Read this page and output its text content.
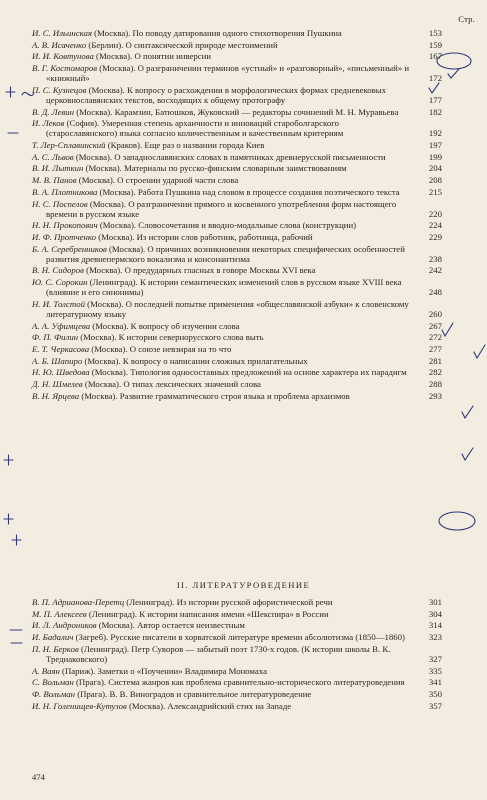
Стр.
И. С. Ильинская (Москва). По поводу датирования одного стихотворения Пушкина	153
А. В. Исаченко (Берлин). О синтаксической природе местоимений	159
И. И. Ковтунова (Москва). О понятии инверсии	167
В. Г. Костомаров (Москва). О разграничении терминов «устный» и «разговорный», «письменный» и «книжный»	172
П. С. Кузнецов (Москва). К вопросу о расхождении в морфологических формах средневековых церковнославянских текстов, восходящих к общему протографу	177
В. Д. Левин (Москва). Карамзин, Батюшков, Жуковский — редакторы сочинений М. Н. Муравьева	182
И. Леков (София). Умеренная степень архаичности и инноваций староболгарского (старославянского) языка согласно количественным и качественным критериям	192
Т. Лер-Сплавинский (Краков). Еще раз о названии города Киев	197
А. С. Львов (Москва). О западнославянских словах в памятниках древнерусской письменности	199
В. И. Лыткин (Москва). Материалы по русско-финским словарным заимствованиям	204
М. В. Панов (Москва). О строении ударной части слова	208
В. А. Плотникова (Москва). Работа Пушкина над словом в процессе создания поэтического текста	215
Н. С. Поспелов (Москва). О разграничении прямого и косвенного употребления форм настоящего времени в русском языке	220
Н. Н. Прокопович (Москва). Словосочетания и вводно-модальные слова (конструкции)	224
И. Ф. Протченко (Москва). Из истории слов работник, работница, рабочий	229
Б. А. Серебренников (Москва). О причинах возникновения некоторых специфических особенностей развития древнепермского вокализма и консонантизма	238
В. Н. Сидоров (Москва). О предударных гласных в говоре Москвы XVI века	242
Ю. С. Сорокин (Ленинград). К истории семантических изменений слов в русском языке XVIII века (влияние и его синонимы)	248
Н. И. Толстой (Москва). О последней попытке применения «общеславянской азбуки» к словенскому литературному языку	260
А. А. Уфимцева (Москва). К вопросу об изучении слова	267
Ф. П. Филин (Москва). К истории севернорусского слова выть	272
Е. Т. Черкасова (Москва). О союзе невзирая на то что	277
А. Б. Шапиро (Москва). К вопросу о написании сложных прилагательных	281
Н. Ю. Шведова (Москва). Типология односоставных предложений на основе характера их парадигм	282
Д. Н. Шмелев (Москва). О типах лексических значений слова	288
В. Н. Ярцева (Москва). Развитие грамматического строя языка и проблема архаизмов	293
II. ЛИТЕРАТУРОВЕДЕНИЕ
В. П. Адрианова-Перетц (Ленинград). Из истории русской афористической речи	301
М. П. Алексеев (Ленинград). К истории написания имени «Шекспира» в России	304
И. Л. Андроников (Москва). Автор остается неизвестным	314
И. Бадалич (Загреб). Русские писатели в хорватской литературе времени абсолютизма (1850—1860)	323
П. Н. Берков (Ленинград). Петр Суворов — забытый поэт 1730-х годов. (К истории школы В. К. Тредиаковского)	327
А. Ваян (Париж). Заметки о «Поучении» Владимира Мономаха	335
С. Вольман (Прага). Система жанров как проблема сравнительно-исторического литературоведения	341
Ф. Вольман (Прага). В. В. Виноградов и сравнительное литературоведение	350
И. Н. Голенищев-Кутузов (Москва). Александрийский стих на Западе	357
474
